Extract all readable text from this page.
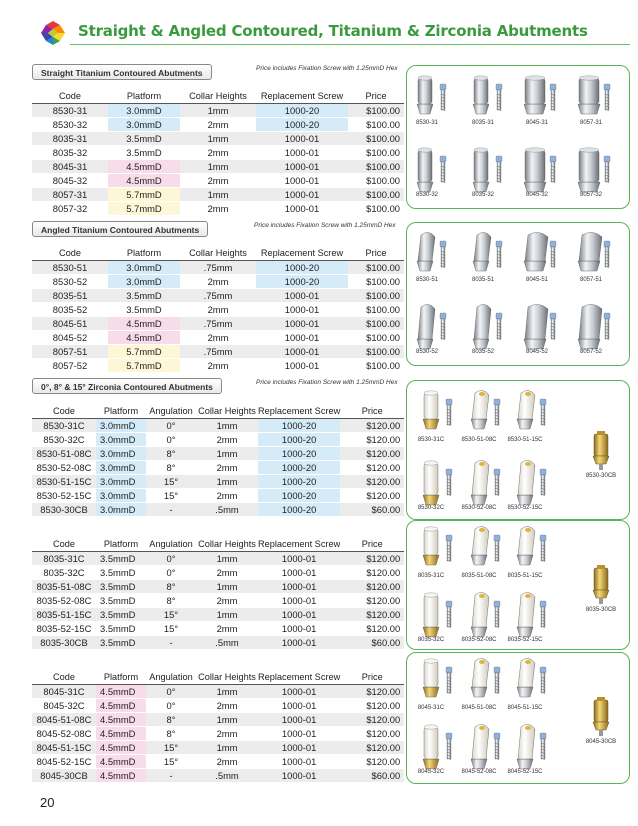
Straight & Angled Contoured, Titanium & Zirconia Abutments
Straight Titanium Contoured Abutments	Price includes Fixation Screw with 1.25mmD Hex
Code	Platform	Collar Heights	Replacement Screw	Price
8530-31	3.0mmD	1mm	1000-20	$100.00
8530-32	3.0mmD	2mm	1000-20	$100.00
8035-31	3.5mmD	1mm	1000-01	$100.00
8035-32	3.5mmD	2mm	1000-01	$100.00
8045-31	4.5mmD	1mm	1000-01	$100.00
8045-32	4.5mmD	2mm	1000-01	$100.00
8057-31	5.7mmD	1mm	1000-01	$100.00
8057-32	5.7mmD	2mm	1000-01	$100.00
8530-31	8035-31	8045-31	8057-31
8530-32	8035-32	8045-32	8057-32
Angled Titanium Contoured Abutments	Price includes Fixation Screw with 1.25mmD Hex
Code	Platform	Collar Heights	Replacement Screw	Price
8530-51	3.0mmD	.75mm	1000-20	$100.00
8530-52	3.0mmD	2mm	1000-20	$100.00
8035-51	3.5mmD	.75mm	1000-01	$100.00
8035-52	3.5mmD	2mm	1000-01	$100.00
8045-51	4.5mmD	.75mm	1000-01	$100.00
8045-52	4.5mmD	2mm	1000-01	$100.00
8057-51	5.7mmD	.75mm	1000-01	$100.00
8057-52	5.7mmD	2mm	1000-01	$100.00
8530-51	8035-51	8045-51	8057-51
8530-52	8035-52	8045-52	8057-52
0°, 8° & 15° Zirconia Contoured Abutments	Price includes Fixation Screw with 1.25mmD Hex
Code	Platform	Angulation	Collar Heights	Replacement Screw	Price
8530-31C	3.0mmD	0°	1mm	1000-20	$120.00
8530-32C	3.0mmD	0°	2mm	1000-20	$120.00
8530-51-08C	3.0mmD	8°	1mm	1000-20	$120.00
8530-52-08C	3.0mmD	8°	2mm	1000-20	$120.00
8530-51-15C	3.0mmD	15°	1mm	1000-20	$120.00
8530-52-15C	3.0mmD	15°	2mm	1000-20	$120.00
8530-30CB	3.0mmD	-	.5mm	1000-20	$60.00
8530-31C	8530-51-08C	8530-51-15C
8530-32C	8530-52-08C	8530-52-15C
8530-30CB
Code	Platform	Angulation	Collar Heights	Replacement Screw	Price
8035-31C	3.5mmD	0°	1mm	1000-01	$120.00
8035-32C	3.5mmD	0°	2mm	1000-01	$120.00
8035-51-08C	3.5mmD	8°	1mm	1000-01	$120.00
8035-52-08C	3.5mmD	8°	2mm	1000-01	$120.00
8035-51-15C	3.5mmD	15°	1mm	1000-01	$120.00
8035-52-15C	3.5mmD	15°	2mm	1000-01	$120.00
8035-30CB	3.5mmD	-	.5mm	1000-01	$60.00
8035-31C	8035-51-08C	8035-51-15C
8035-32C	8035-52-08C	8035-52-15C
8035-30CB
Code	Platform	Angulation	Collar Heights	Replacement Screw	Price
8045-31C	4.5mmD	0°	1mm	1000-01	$120.00
8045-32C	4.5mmD	0°	2mm	1000-01	$120.00
8045-51-08C	4.5mmD	8°	1mm	1000-01	$120.00
8045-52-08C	4.5mmD	8°	2mm	1000-01	$120.00
8045-51-15C	4.5mmD	15°	1mm	1000-01	$120.00
8045-52-15C	4.5mmD	15°	2mm	1000-01	$120.00
8045-30CB	4.5mmD	-	.5mm	1000-01	$60.00
8045-31C	8045-51-08C	8045-51-15C
8045-32C	8045-52-08C	8045-52-15C
8045-30CB
20
